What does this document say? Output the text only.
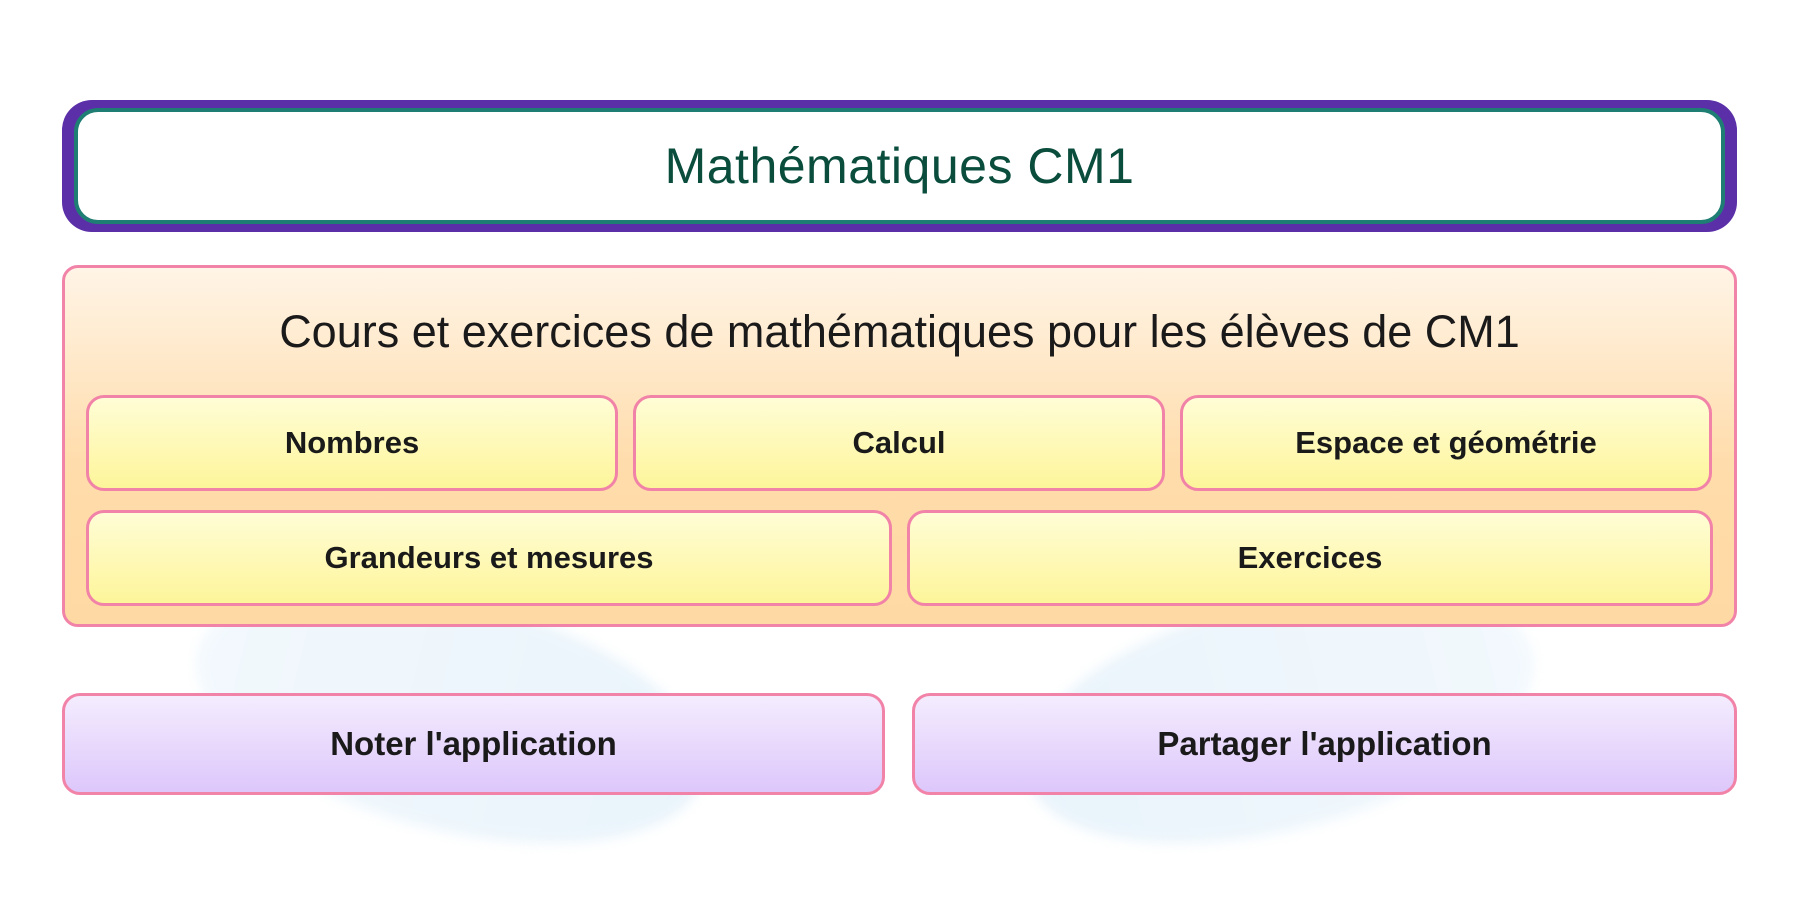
Mathématiques CM1
Cours et exercices de mathématiques pour les élèves de CM1
Nombres	Calcul	Espace et géométrie
Grandeurs et mesures	Exercices
Noter l'application	Partager l'application
